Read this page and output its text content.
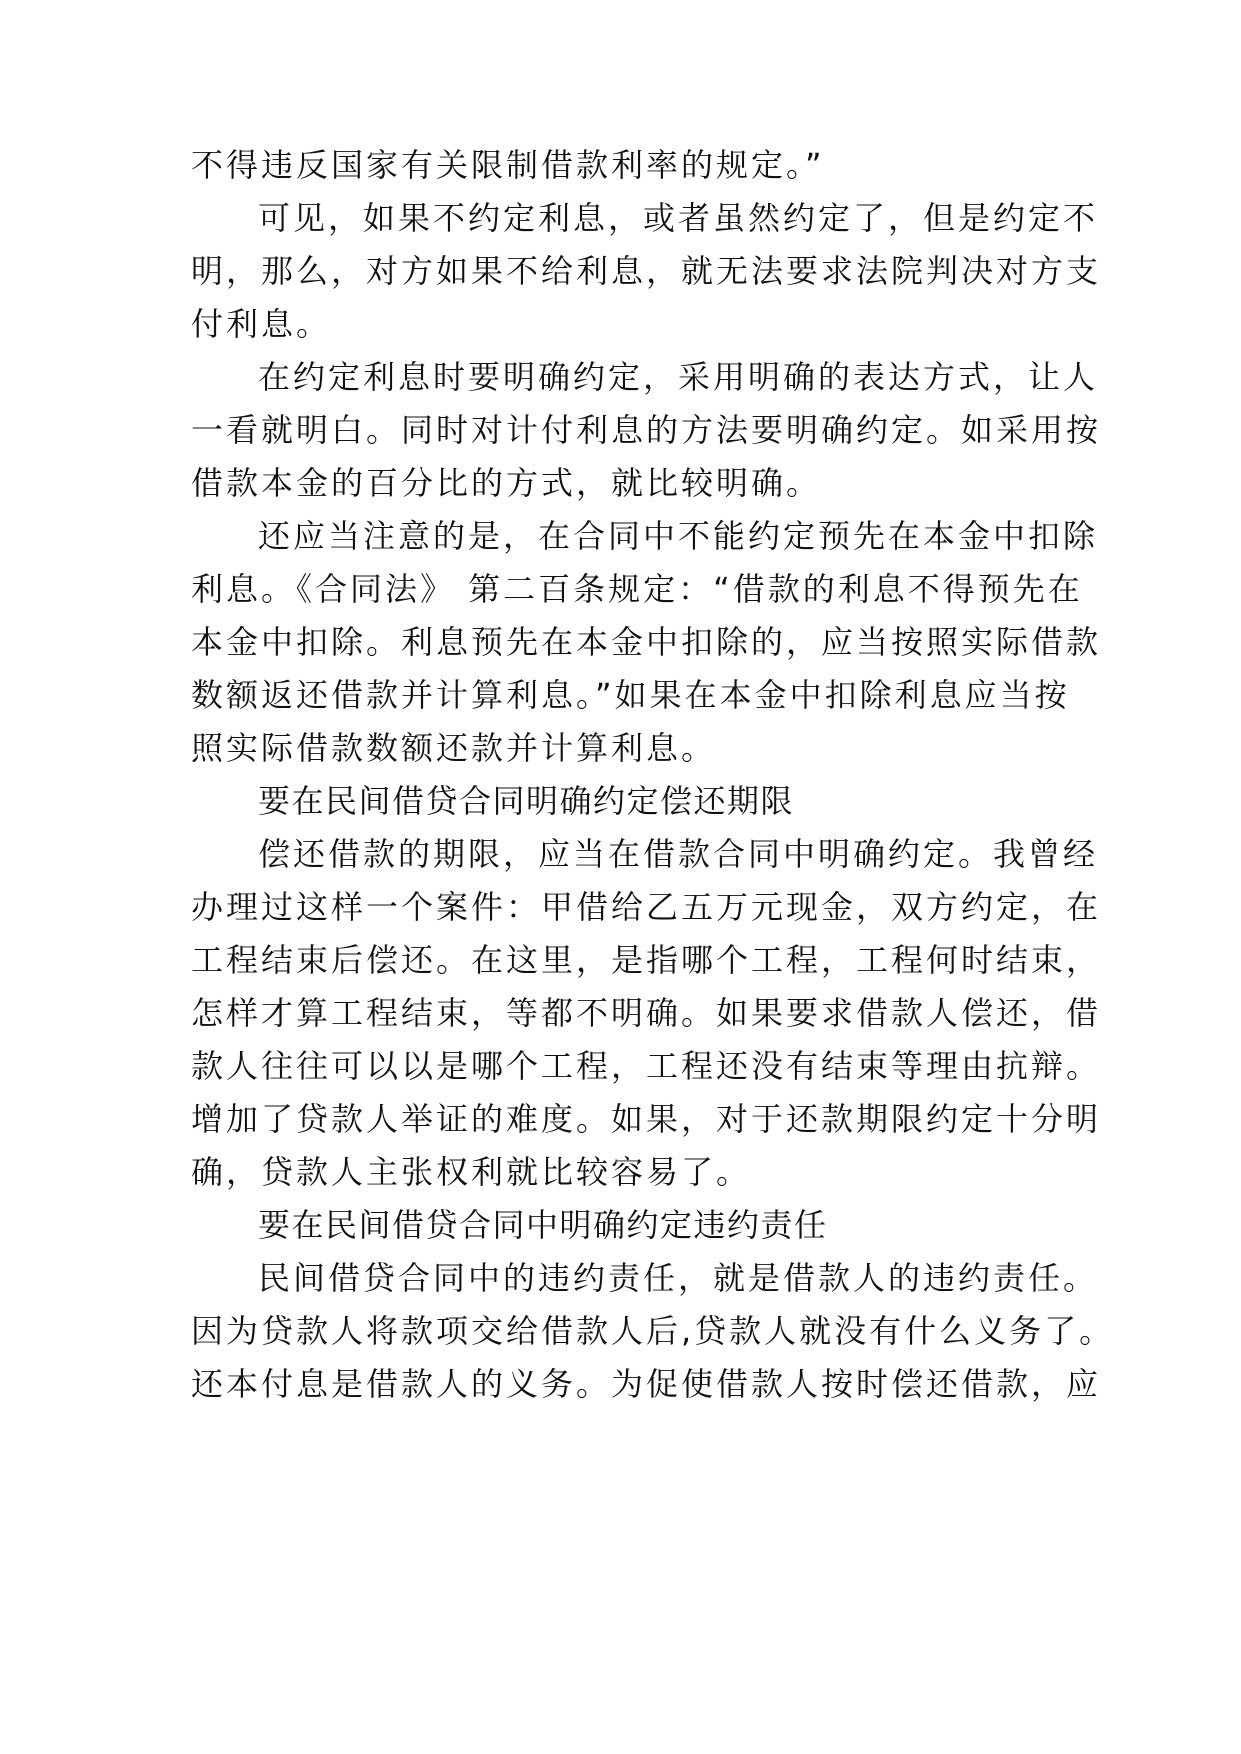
不得违反国家有关限制借款利率的规定。”

可见，如果不约定利息，或者虽然约定了，但是约定不

明，那么，对方如果不给利息，就无法要求法院判决对方支

付利息。

在约定利息时要明确约定，采用明确的表达方式，让人

一看就明白。同时对计付利息的方法要明确约定。如采用按

借款本金的百分比的方式，就比较明确。

还应当注意的是，在合同中不能约定预先在本金中扣除

利息。《合同法》 第二百条规定：“借款的利息不得预先在

本金中扣除。利息预先在本金中扣除的，应当按照实际借款

数额返还借款并计算利息。”如果在本金中扣除利息应当按

照实际借款数额还款并计算利息。

要在民间借贷合同明确约定偿还期限

偿还借款的期限，应当在借款合同中明确约定。我曾经

办理过这样一个案件：甲借给乙五万元现金，双方约定，在

工程结束后偿还。在这里，是指哪个工程，工程何时结束，

怎样才算工程结束，等都不明确。如果要求借款人偿还，借

款人往往可以以是哪个工程，工程还没有结束等理由抗辩。

增加了贷款人举证的难度。如果，对于还款期限约定十分明

确，贷款人主张权利就比较容易了。

要在民间借贷合同中明确约定违约责任

民间借贷合同中的违约责任，就是借款人的违约责任。

因为贷款人将款项交给借款人后,贷款人就没有什么义务了。

还本付息是借款人的义务。为促使借款人按时偿还借款，应
